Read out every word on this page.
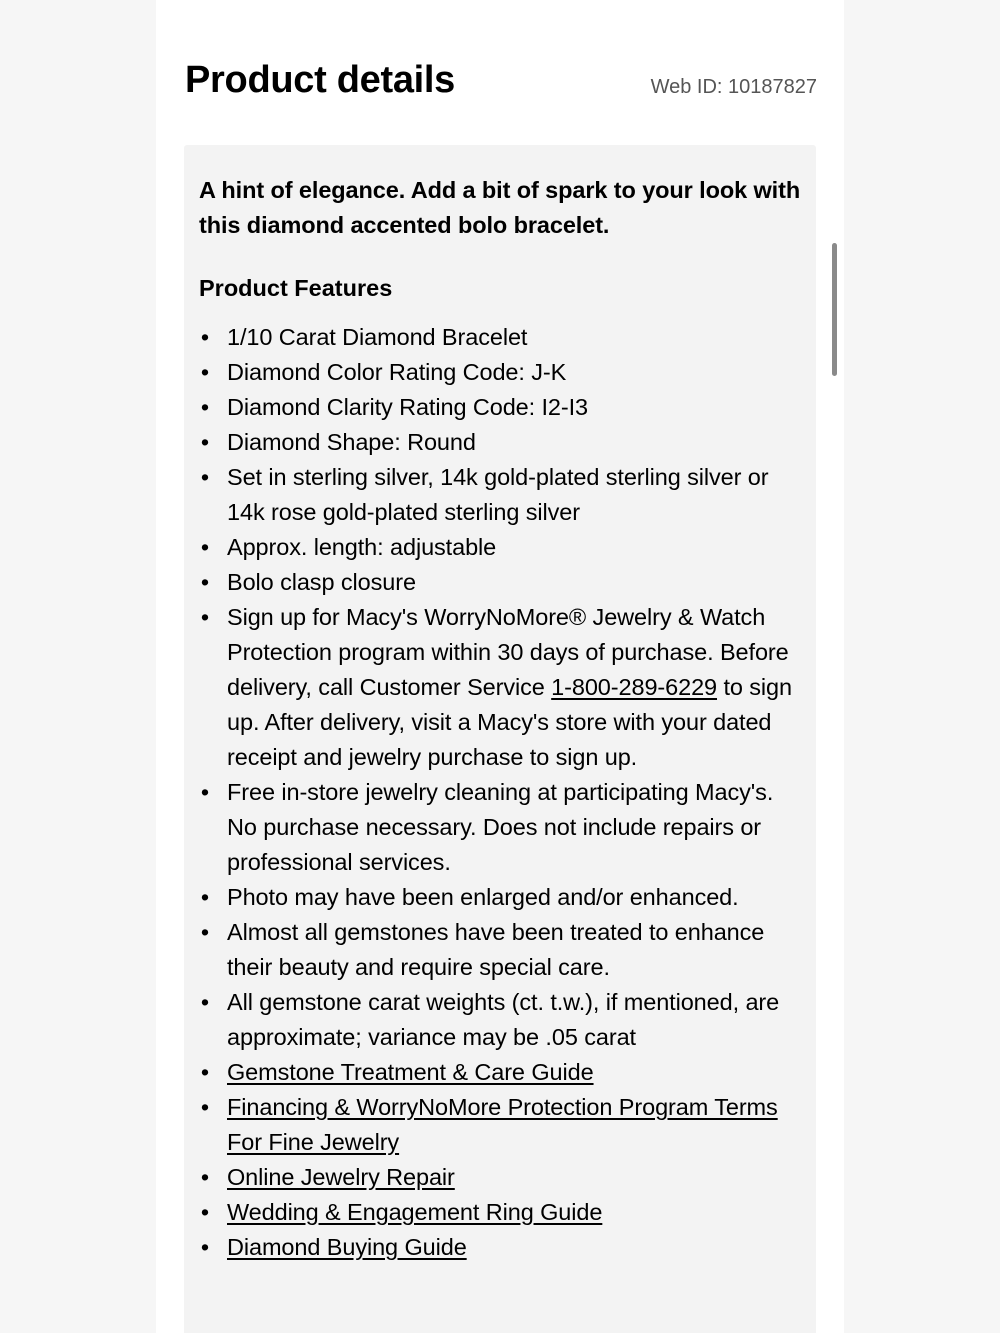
Product details	Web ID: 10187827

A hint of elegance. Add a bit of spark to your look with this diamond accented bolo bracelet.

Product Features

• 1/10 Carat Diamond Bracelet
• Diamond Color Rating Code: J-K
• Diamond Clarity Rating Code: I2-I3
• Diamond Shape: Round
• Set in sterling silver, 14k gold-plated sterling silver or 14k rose gold-plated sterling silver
• Approx. length: adjustable
• Bolo clasp closure
• Sign up for Macy's WorryNoMore® Jewelry & Watch Protection program within 30 days of purchase. Before delivery, call Customer Service 1-800-289-6229 to sign up. After delivery, visit a Macy's store with your dated receipt and jewelry purchase to sign up.
• Free in-store jewelry cleaning at participating Macy's. No purchase necessary. Does not include repairs or professional services.
• Photo may have been enlarged and/or enhanced.
• Almost all gemstones have been treated to enhance their beauty and require special care.
• All gemstone carat weights (ct. t.w.), if mentioned, are approximate; variance may be .05 carat
• Gemstone Treatment & Care Guide
• Financing & WorryNoMore Protection Program Terms For Fine Jewelry
• Online Jewelry Repair
• Wedding & Engagement Ring Guide
• Diamond Buying Guide
